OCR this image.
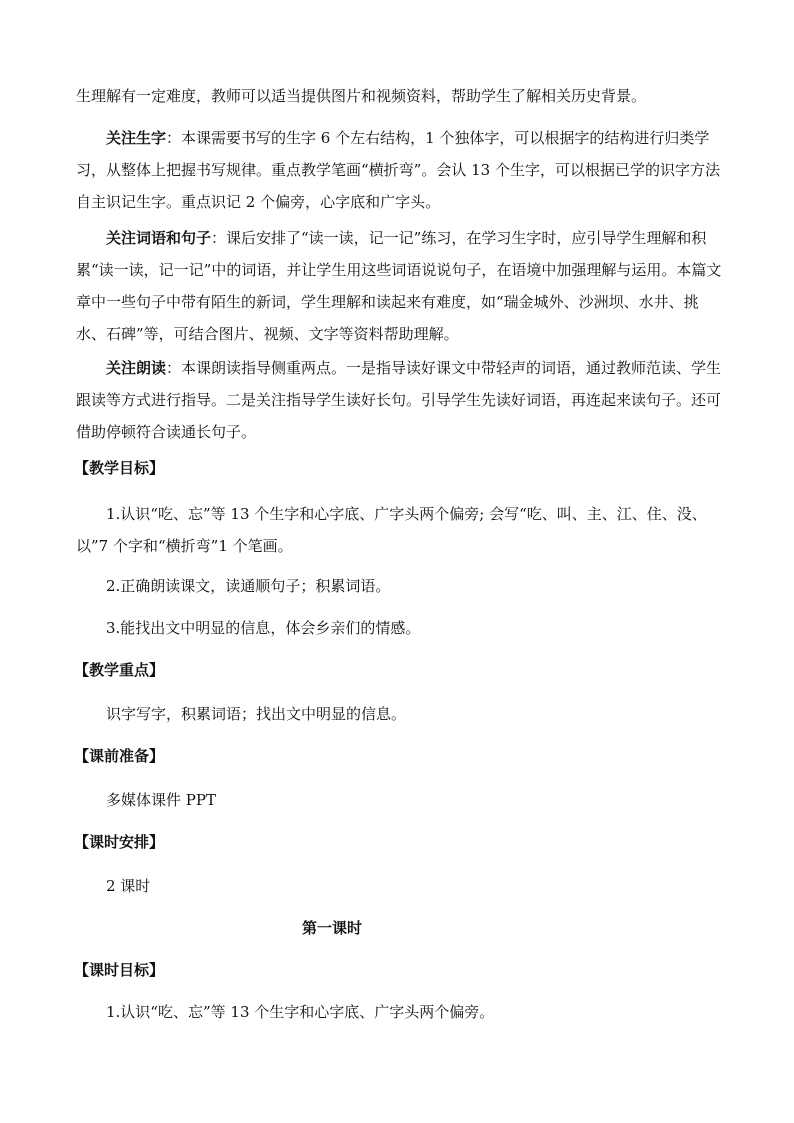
生理解有一定难度，教师可以适当提供图片和视频资料，帮助学生了解相关历史背景。

关注生字：本课需要书写的生字 6 个左右结构，1 个独体字，可以根据字的结构进行归类学习，从整体上把握书写规律。重点教学笔画“横折弯”。会认 13 个生字，可以根据已学的识字方法自主识记生字。重点识记 2 个偏旁，心字底和广字头。

关注词语和句子：课后安排了“读一读，记一记”练习，在学习生字时，应引导学生理解和积累“读一读，记一记”中的词语，并让学生用这些词语说说句子，在语境中加强理解与运用。本篇文章中一些句子中带有陌生的新词，学生理解和读起来有难度，如“瑞金城外、沙洲坝、水井、挑水、石碑”等，可结合图片、视频、文字等资料帮助理解。

关注朗读：本课朗读指导侧重两点。一是指导读好课文中带轻声的词语，通过教师范读、学生跟读等方式进行指导。二是关注指导学生读好长句。引导学生先读好词语，再连起来读句子。还可借助停顿符合读通长句子。

【教学目标】

1.认识“吃、忘”等 13 个生字和心字底、广字头两个偏旁; 会写“吃、叫、主、江、住、没、以”7 个字和“横折弯”1 个笔画。

2.正确朗读课文，读通顺句子；积累词语。

3.能找出文中明显的信息，体会乡亲们的情感。

【教学重点】

识字写字，积累词语；找出文中明显的信息。

【课前准备】

多媒体课件 PPT

【课时安排】

2 课时

第一课时
【课时目标】

1.认识“吃、忘”等 13 个生字和心字底、广字头两个偏旁。
